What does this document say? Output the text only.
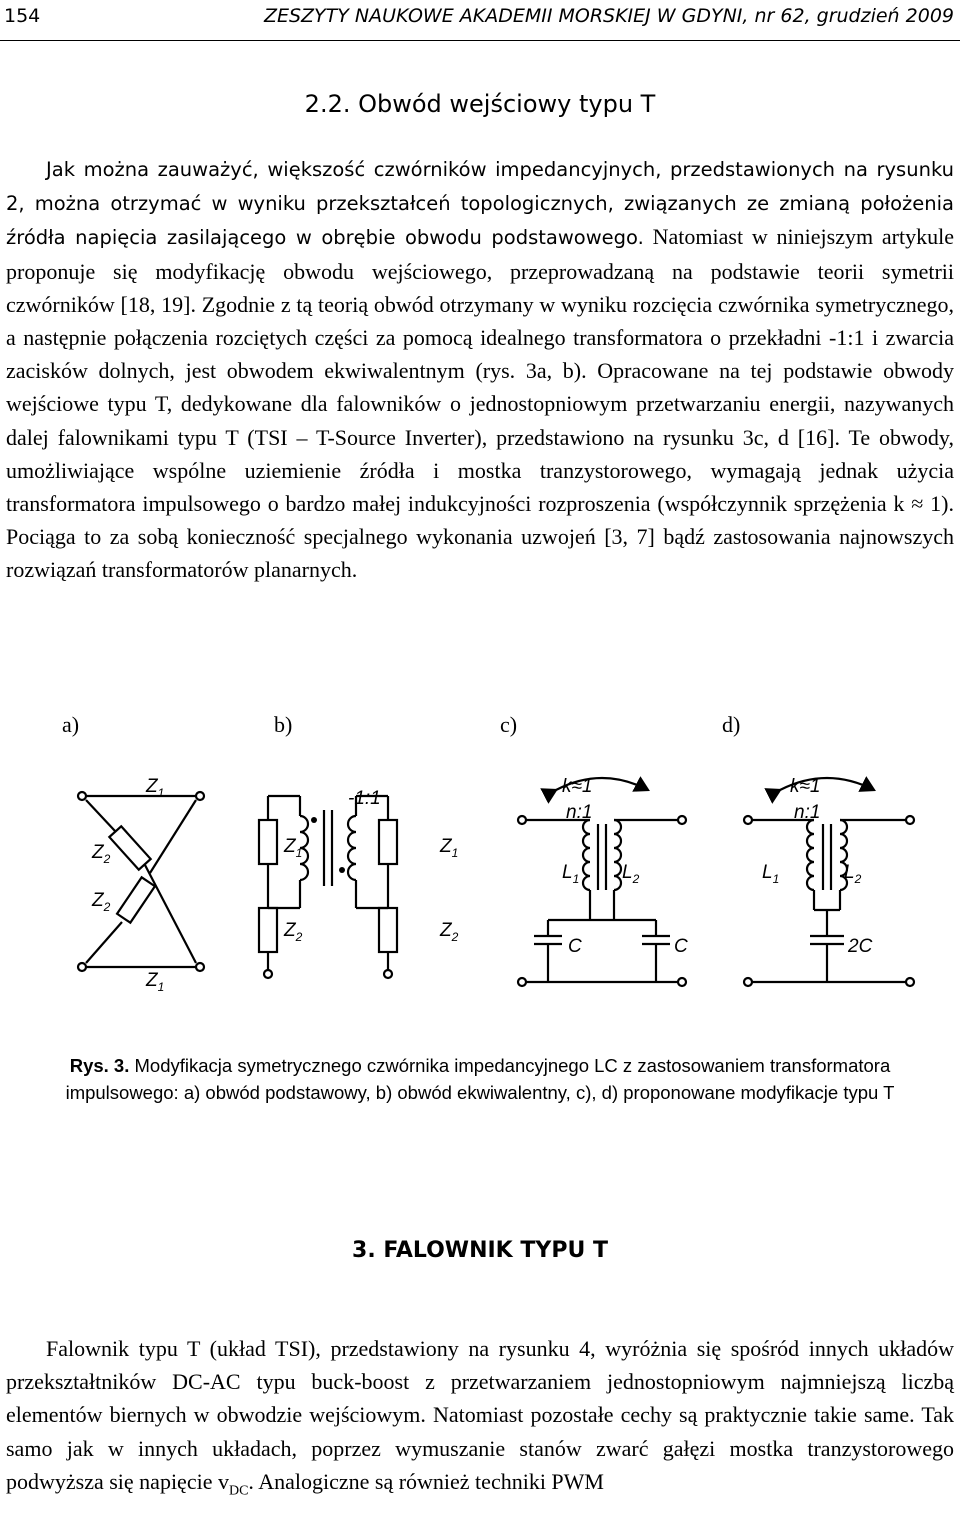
154	ZESZYTY NAUKOWE AKADEMII MORSKIEJ W GDYNI, nr 62, grudzień 2009
2.2. Obwód wejściowy typu T
Jak można zauważyć, większość czwórników impedancyjnych, przedstawionych na rysunku 2, można otrzymać w wyniku przekształceń topologicznych, związanych ze zmianą położenia źródła napięcia zasilającego w obrębie obwodu podstawowego. Natomiast w niniejszym artykule proponuje się modyfikację obwodu wejściowego, przeprowadzaną na podstawie teorii symetrii czwórników [18, 19]. Zgodnie z tą teorią obwód otrzymany w wyniku rozcięcia czwórnika symetrycznego, a następnie połączenia rozciętych części za pomocą idealnego transformatora o przekładni -1:1 i zwarcia zacisków dolnych, jest obwodem ekwiwalentnym (rys. 3a, b). Opracowane na tej podstawie obwody wejściowe typu T, dedykowane dla falowników o jednostopniowym przetwarzaniu energii, nazywanych dalej falownikami typu T (TSI – T-Source Inverter), przedstawiono na rysunku 3c, d [16]. Te obwody, umożliwiające wspólne uziemienie źródła i mostka tranzystorowego, wymagają jednak użycia transformatora impulsowego o bardzo małej indukcyjności rozproszenia (współczynnik sprzężenia k ≈ 1). Pociąga to za sobą konieczność specjalnego wykonania uzwojeń [3, 7] bądź zastosowania najnowszych rozwiązań transformatorów planarnych.
a)	b)	c)	d)
$Z_1$
$Z_2$
$Z_2$
$Z_1$
-1:1
$Z_1$	$Z_1$
$Z_2$	$Z_2$
k≈1
n:1
$L_1$ $L_2$
C	C
k≈1
n:1
$L_1$	$L_2$
2C
Rys. 3. Modyfikacja symetrycznego czwórnika impedancyjnego LC z zastosowaniem transformatora impulsowego: a) obwód podstawowy, b) obwód ekwiwalentny, c), d) proponowane modyfikacje typu T
3. FALOWNIK TYPU T
Falownik typu T (układ TSI), przedstawiony na rysunku 4, wyróżnia się spośród innych układów przekształtników DC-AC typu buck-boost z przetwarzaniem jednostopniowym najmniejszą liczbą elementów biernych w obwodzie wejściowym. Natomiast pozostałe cechy są praktycznie takie same. Tak samo jak w innych układach, poprzez wymuszanie stanów zwarć gałęzi mostka tranzystorowego podwyższa się napięcie $v_{DC}$. Analogiczne są również techniki PWM
